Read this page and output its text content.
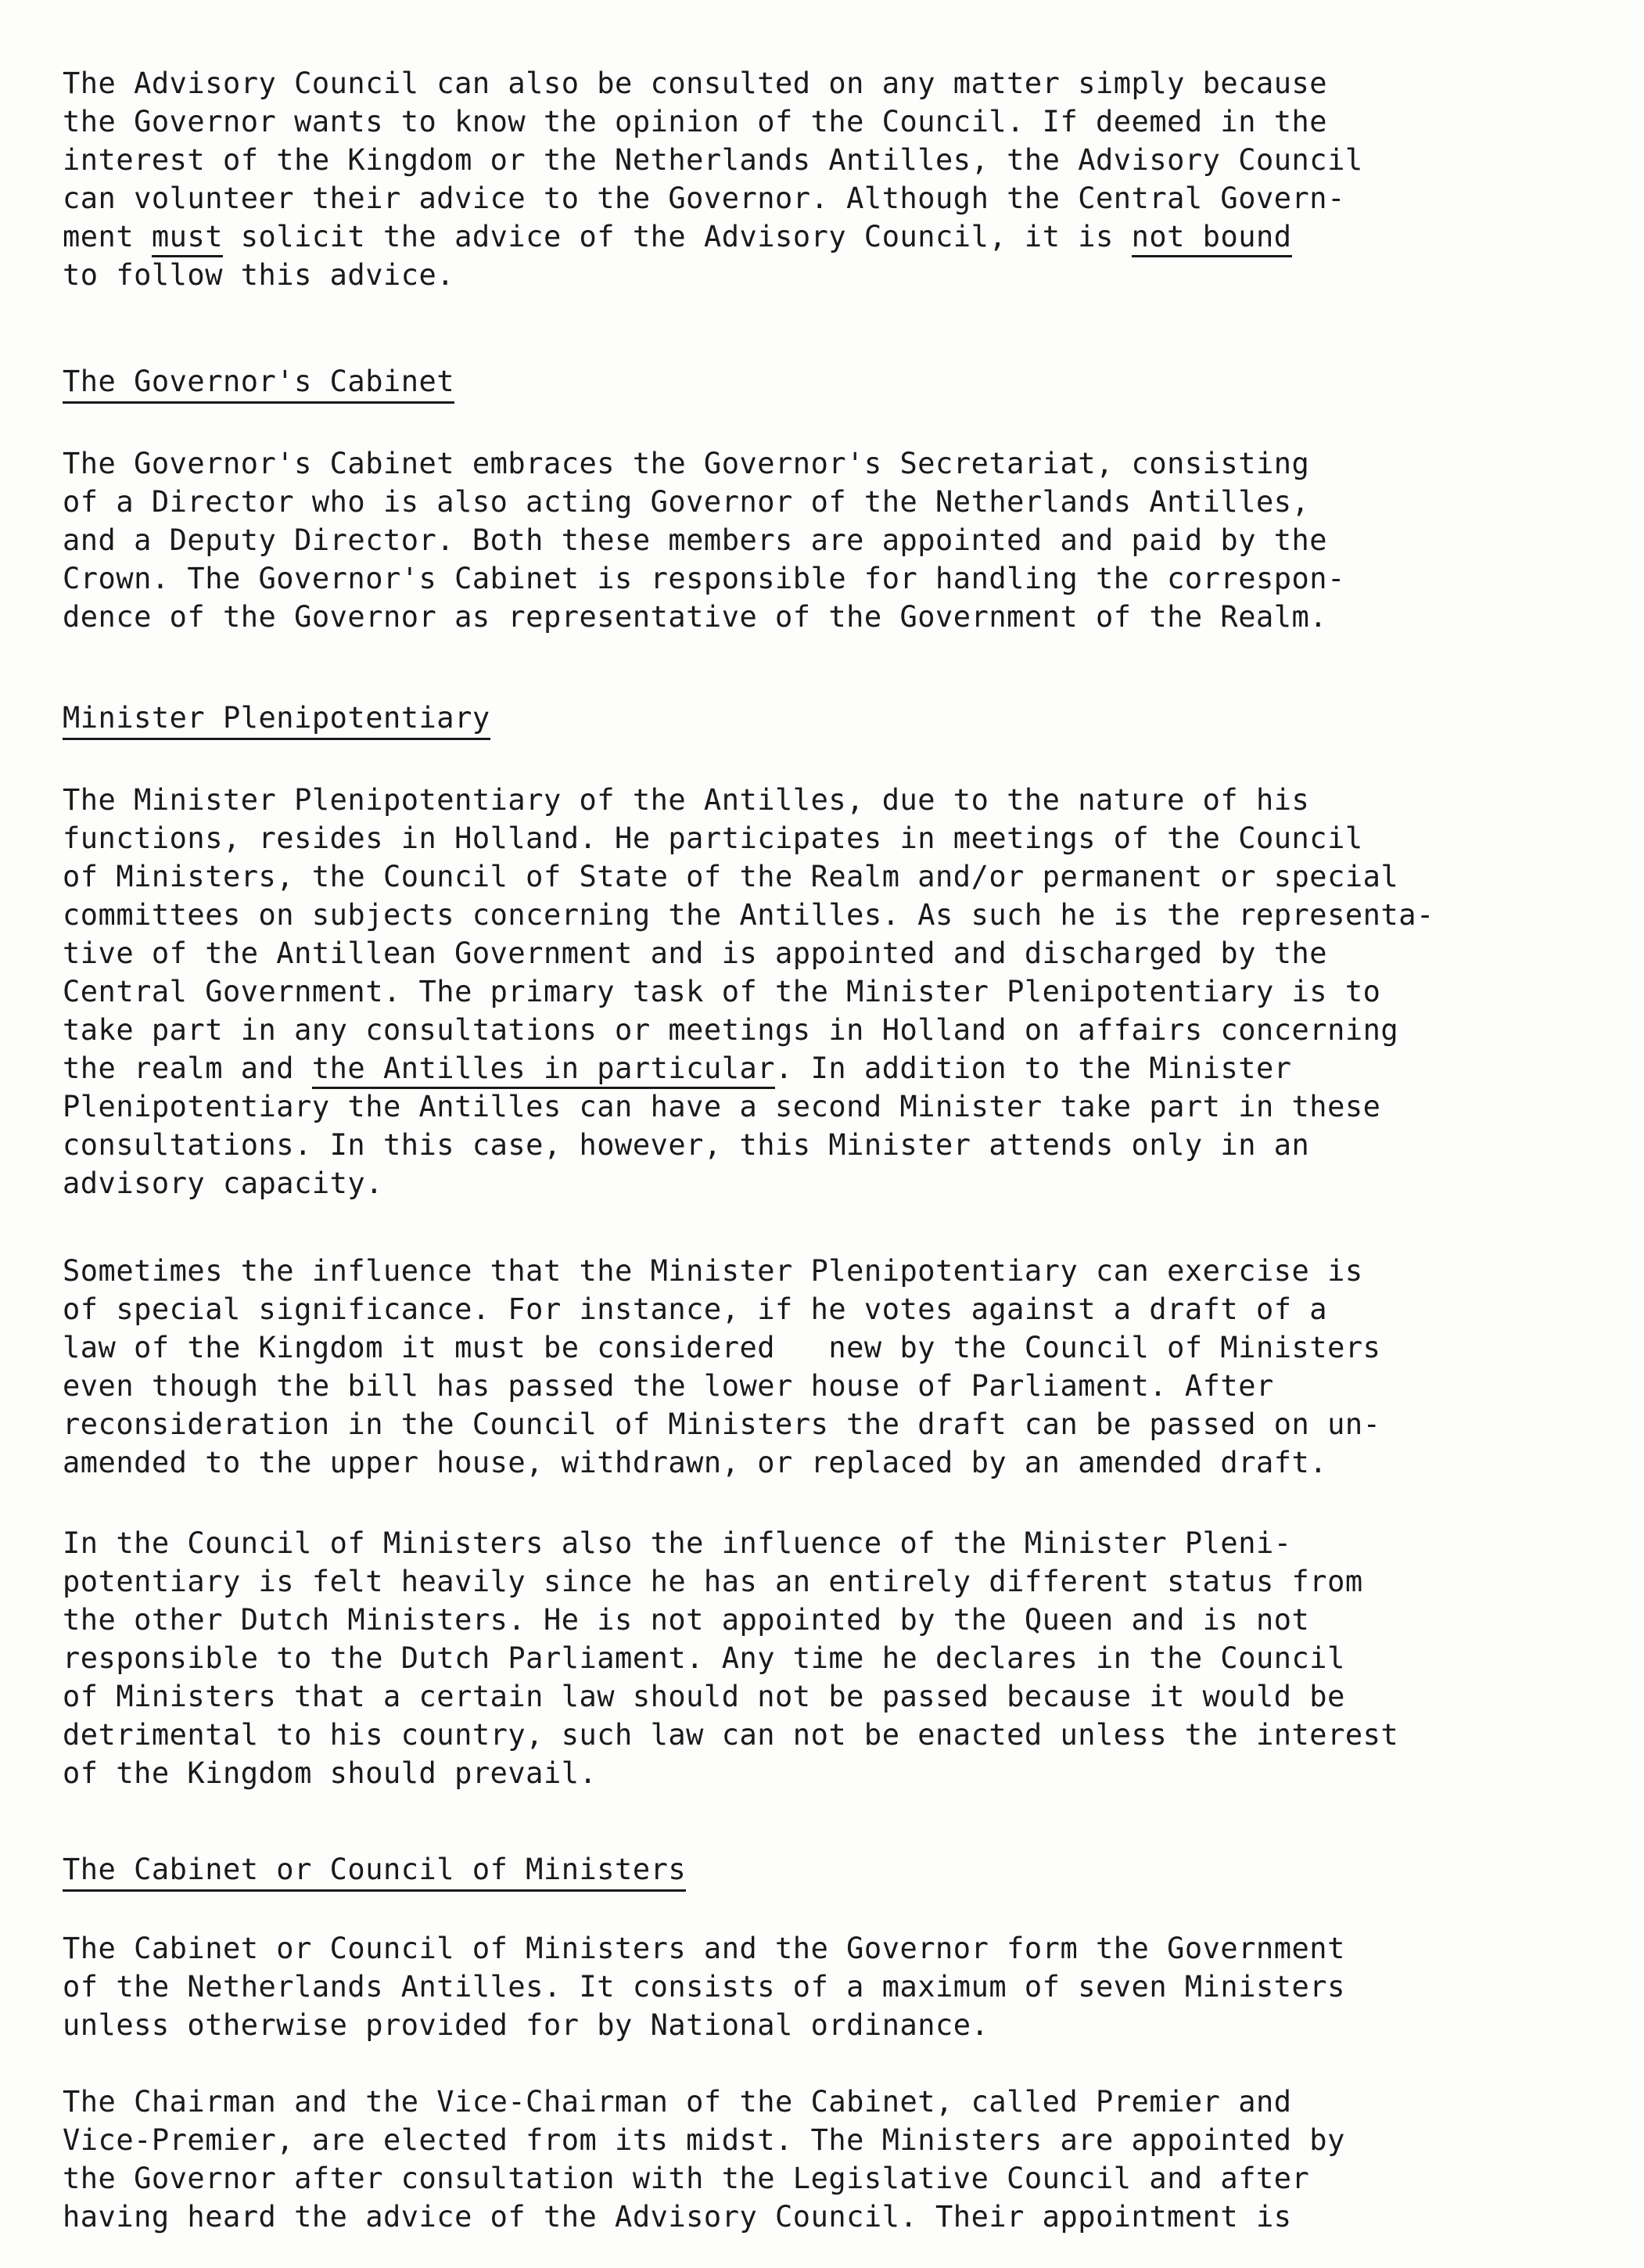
The Advisory Council can also be consulted on any matter simply because
the Governor wants to know the opinion of the Council. If deemed in the
interest of the Kingdom or the Netherlands Antilles, the Advisory Council
can volunteer their advice to the Governor. Although the Central Govern-
ment must solicit the advice of the Advisory Council, it is not bound
to follow this advice.
The Governor's Cabinet
The Governor's Cabinet embraces the Governor's Secretariat, consisting
of a Director who is also acting Governor of the Netherlands Antilles,
and a Deputy Director. Both these members are appointed and paid by the
Crown. The Governor's Cabinet is responsible for handling the correspon-
dence of the Governor as representative of the Government of the Realm.
Minister Plenipotentiary
The Minister Plenipotentiary of the Antilles, due to the nature of his
functions, resides in Holland. He participates in meetings of the Council
of Ministers, the Council of State of the Realm and/or permanent or special
committees on subjects concerning the Antilles. As such he is the representa-
tive of the Antillean Government and is appointed and discharged by the
Central Government. The primary task of the Minister Plenipotentiary is to
take part in any consultations or meetings in Holland on affairs concerning
the realm and the Antilles in particular. In addition to the Minister
Plenipotentiary the Antilles can have a second Minister take part in these
consultations. In this case, however, this Minister attends only in an
advisory capacity.
Sometimes the influence that the Minister Plenipotentiary can exercise is
of special significance. For instance, if he votes against a draft of a
law of the Kingdom it must be considered   new by the Council of Ministers
even though the bill has passed the lower house of Parliament. After
reconsideration in the Council of Ministers the draft can be passed on un-
amended to the upper house, withdrawn, or replaced by an amended draft.
In the Council of Ministers also the influence of the Minister Pleni-
potentiary is felt heavily since he has an entirely different status from
the other Dutch Ministers. He is not appointed by the Queen and is not
responsible to the Dutch Parliament. Any time he declares in the Council
of Ministers that a certain law should not be passed because it would be
detrimental to his country, such law can not be enacted unless the interest
of the Kingdom should prevail.
The Cabinet or Council of Ministers
The Cabinet or Council of Ministers and the Governor form the Government
of the Netherlands Antilles. It consists of a maximum of seven Ministers
unless otherwise provided for by National ordinance.
The Chairman and the Vice-Chairman of the Cabinet, called Premier and
Vice-Premier, are elected from its midst. The Ministers are appointed by
the Governor after consultation with the Legislative Council and after
having heard the advice of the Advisory Council. Their appointment is
